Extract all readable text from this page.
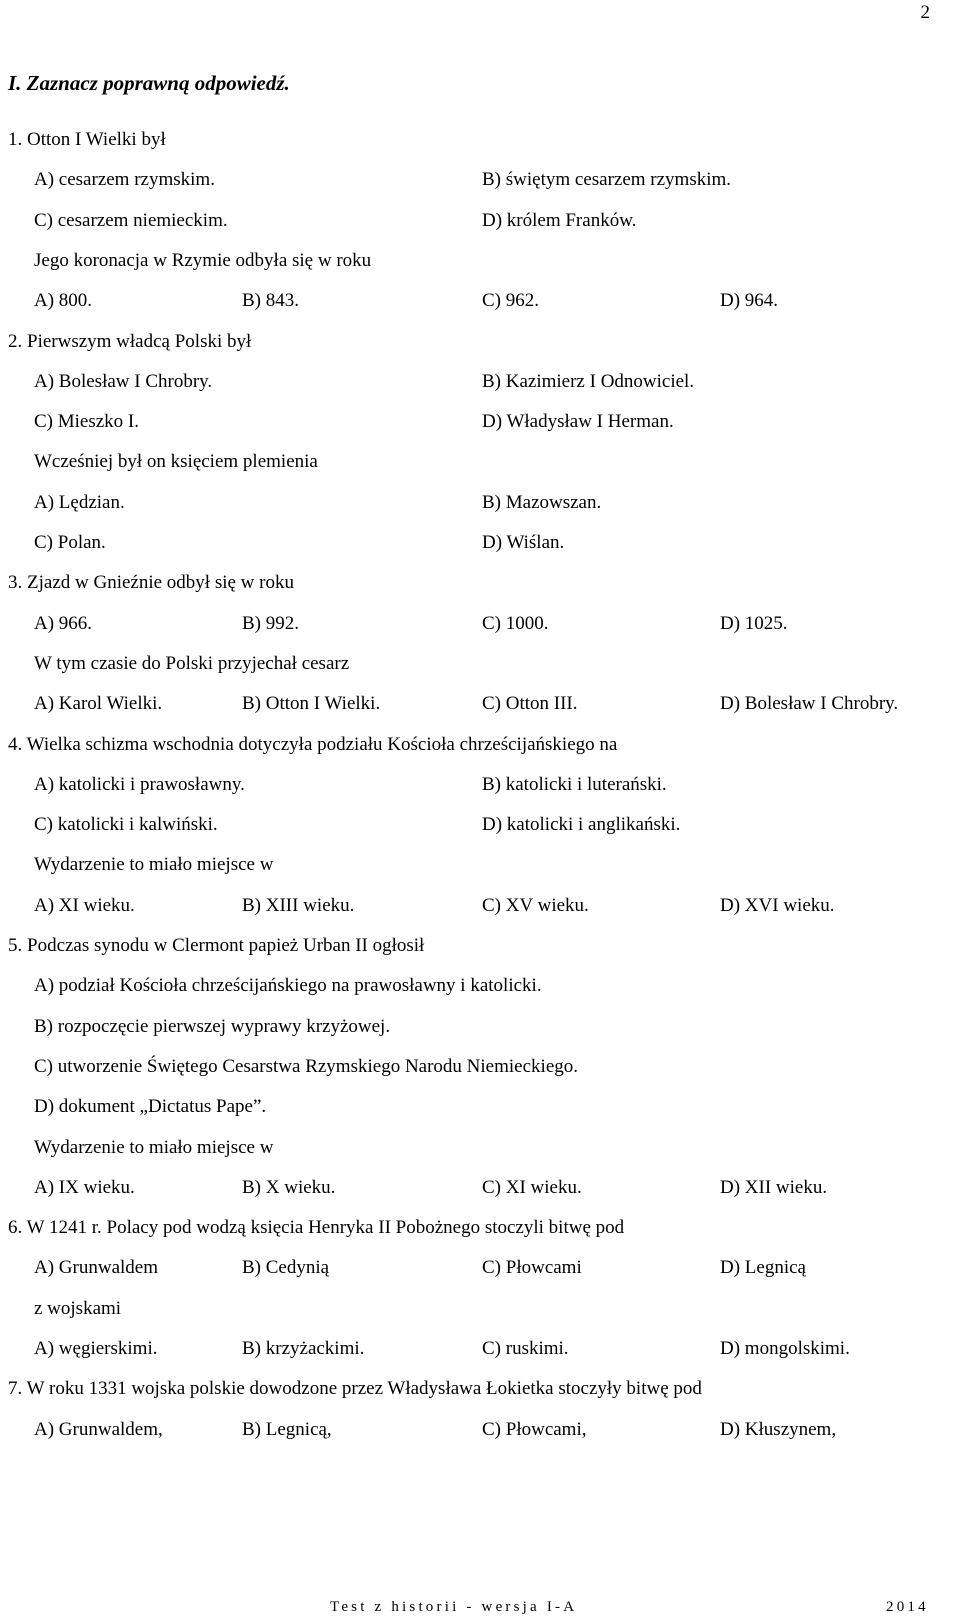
2
I. Zaznacz poprawną odpowiedź.
1. Otton I Wielki był
A) cesarzem rzymskim.	B) świętym cesarzem rzymskim.
C) cesarzem niemieckim.	D) królem Franków.
Jego koronacja w Rzymie odbyła się w roku
A) 800.	B) 843.	C) 962.	D) 964.
2. Pierwszym władcą Polski był
A) Bolesław I Chrobry.	B) Kazimierz I Odnowiciel.
C) Mieszko I.	D) Władysław I Herman.
Wcześniej był on księciem plemienia
A) Lędzian.	B) Mazowszan.
C) Polan.	D) Wiślan.
3. Zjazd w Gnieźnie odbył się w roku
A) 966.	B) 992.	C) 1000.	D) 1025.
W tym czasie do Polski przyjechał cesarz
A) Karol Wielki.	B) Otton I Wielki.	C) Otton III.	D) Bolesław I Chrobry.
4. Wielka schizma wschodnia dotyczyła podziału Kościoła chrześcijańskiego na
A) katolicki i prawosławny.	B) katolicki i luterański.
C) katolicki i kalwiński.	D) katolicki i anglikański.
Wydarzenie to miało miejsce w
A) XI wieku.	B) XIII wieku.	C) XV wieku.	D) XVI wieku.
5. Podczas synodu w Clermont papież Urban II ogłosił
A) podział Kościoła chrześcijańskiego na prawosławny i katolicki.
B) rozpoczęcie pierwszej wyprawy krzyżowej.
C) utworzenie Świętego Cesarstwa Rzymskiego Narodu Niemieckiego.
D) dokument „Dictatus Pape”.
Wydarzenie to miało miejsce w
A) IX wieku.	B) X wieku.	C) XI wieku.	D) XII wieku.
6. W 1241 r. Polacy pod wodzą księcia Henryka II Pobożnego stoczyli bitwę pod
A) Grunwaldem	B) Cedynią	C) Płowcami	D) Legnicą
z wojskami
A) węgierskimi.	B) krzyżackimi.	C) ruskimi.	D) mongolskimi.
7. W roku 1331 wojska polskie dowodzone przez Władysława Łokietka stoczyły bitwę pod
A) Grunwaldem,	B) Legnicą,	C) Płowcami,	D) Kłuszynem,
Test z historii - wersja I-A	2014
